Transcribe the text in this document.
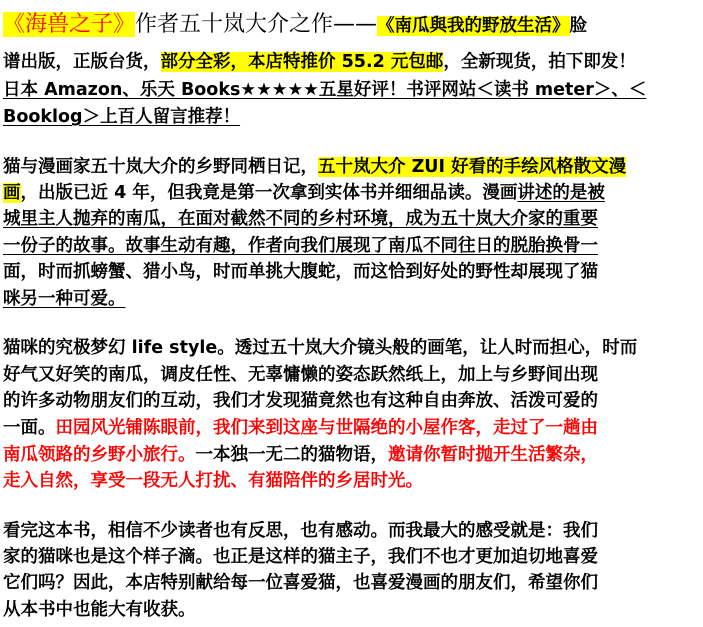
《海兽之子》作者五十岚大介之作——《南瓜與我的野放生活》脸
谱出版，正版台货，部分全彩，本店特推价 55.2 元包邮，全新现货，拍下即发！
日本 Amazon、乐天 Books★★★★★五星好评！书评网站＜读书 meter＞、＜
Booklog＞上百人留言推荐！
猫与漫画家五十岚大介的乡野同栖日记，五十岚大介 ZUI 好看的手绘风格散文漫
画，出版已近 4 年，但我竟是第一次拿到实体书并细细品读。漫画讲述的是被
城里主人抛弃的南瓜，在面对截然不同的乡村环境，成为五十岚大介家的重要
一份子的故事。故事生动有趣，作者向我们展现了南瓜不同往日的脱胎换骨一
面，时而抓螃蟹、猎小鸟，时而单挑大腹蛇，而这恰到好处的野性却展现了猫
咪另一种可爱。
猫咪的究极梦幻 life style。透过五十岚大介镜头般的画笔，让人时而担心，时而
好气又好笑的南瓜，调皮任性、无辜慵懒的姿态跃然纸上，加上与乡野间出现
的许多动物朋友们的互动，我们才发现猫竟然也有这种自由奔放、活泼可爱的
一面。田园风光铺陈眼前，我们来到这座与世隔绝的小屋作客，走过了一趟由
南瓜领路的乡野小旅行。一本独一无二的猫物语，邀请你暂时抛开生活繁杂，
走入自然，享受一段无人打扰、有猫陪伴的乡居时光。
看完这本书，相信不少读者也有反思，也有感动。而我最大的感受就是：我们
家的猫咪也是这个样子滴。也正是这样的猫主子，我们不也才更加迫切地喜爱
它们吗？因此，本店特别献给每一位喜爱猫，也喜爱漫画的朋友们，希望你们
从本书中也能大有收获。
